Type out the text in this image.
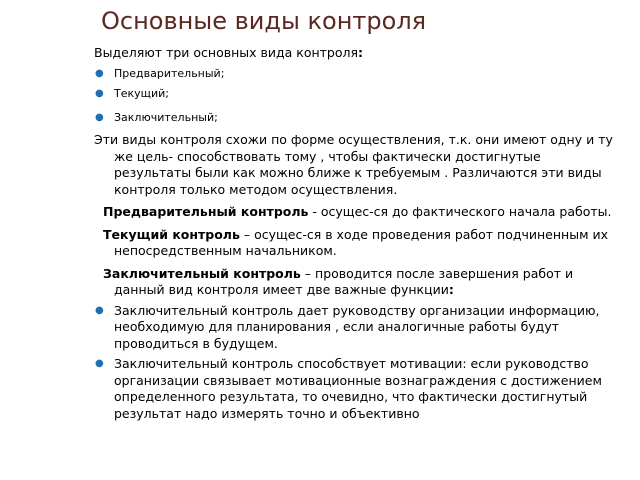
Основные виды контроля

Выделяют три основных вида контроля:

● Предварительный;
● Текущий;
● Заключительный;

Эти виды контроля схожи по форме осуществления, т.к. они имеют одну и ту же цель- способствовать тому , чтобы фактически достигнутые результаты были как можно ближе к требуемым . Различаются эти виды контроля только методом осуществления.

Предварительный контроль - осущес-ся до фактического начала работы.

Текущий контроль – осущес-ся в ходе проведения работ подчиненным их непосредственным начальником.

Заключительный контроль – проводится после завершения работ и данный вид контроля имеет две важные функции:

● Заключительный контроль дает руководству организации информацию, необходимую для планирования , если аналогичные работы будут проводиться в будущем.
● Заключительный контроль способствует мотивации: если руководство организации связывает мотивационные вознаграждения с достижением определенного результата, то очевидно, что фактически достигнутый результат надо измерять точно и объективно
